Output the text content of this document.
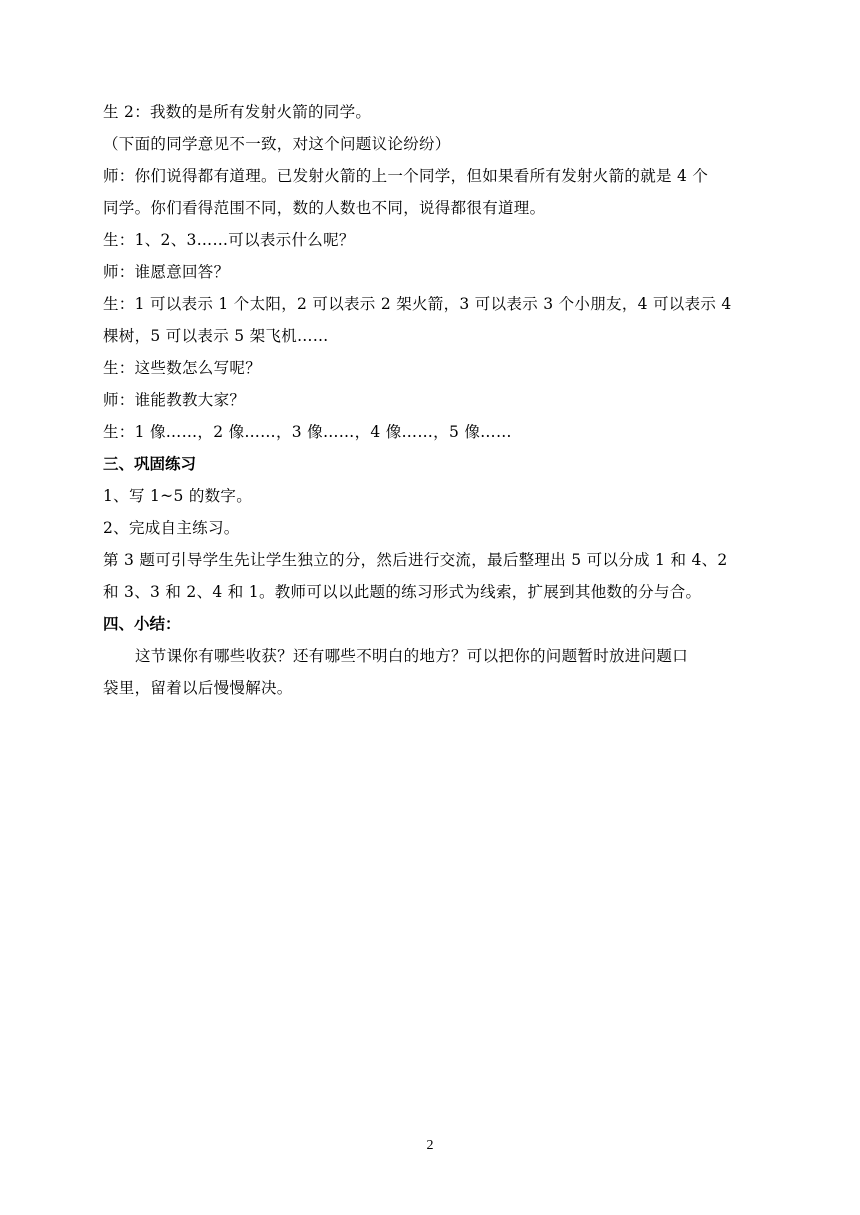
生 2：我数的是所有发射火箭的同学。
（下面的同学意见不一致，对这个问题议论纷纷）
师：你们说得都有道理。已发射火箭的上一个同学，但如果看所有发射火箭的就是 4 个
同学。你们看得范围不同，数的人数也不同，说得都很有道理。
生：1、2、3……可以表示什么呢？
师：谁愿意回答？
生：1 可以表示 1 个太阳，2 可以表示 2 架火箭，3 可以表示 3 个小朋友，4 可以表示 4
棵树，5 可以表示 5 架飞机……
生：这些数怎么写呢？
师：谁能教教大家？
生：1 像……，2 像……，3 像……，4 像……，5 像……
三、巩固练习
1、写 1~5 的数字。
2、完成自主练习。
第 3 题可引导学生先让学生独立的分，然后进行交流，最后整理出 5 可以分成 1 和 4、2
和 3、3 和 2、4 和 1。教师可以以此题的练习形式为线索，扩展到其他数的分与合。
四、小结：
这节课你有哪些收获？还有哪些不明白的地方？可以把你的问题暂时放进问题口
袋里，留着以后慢慢解决。
2
